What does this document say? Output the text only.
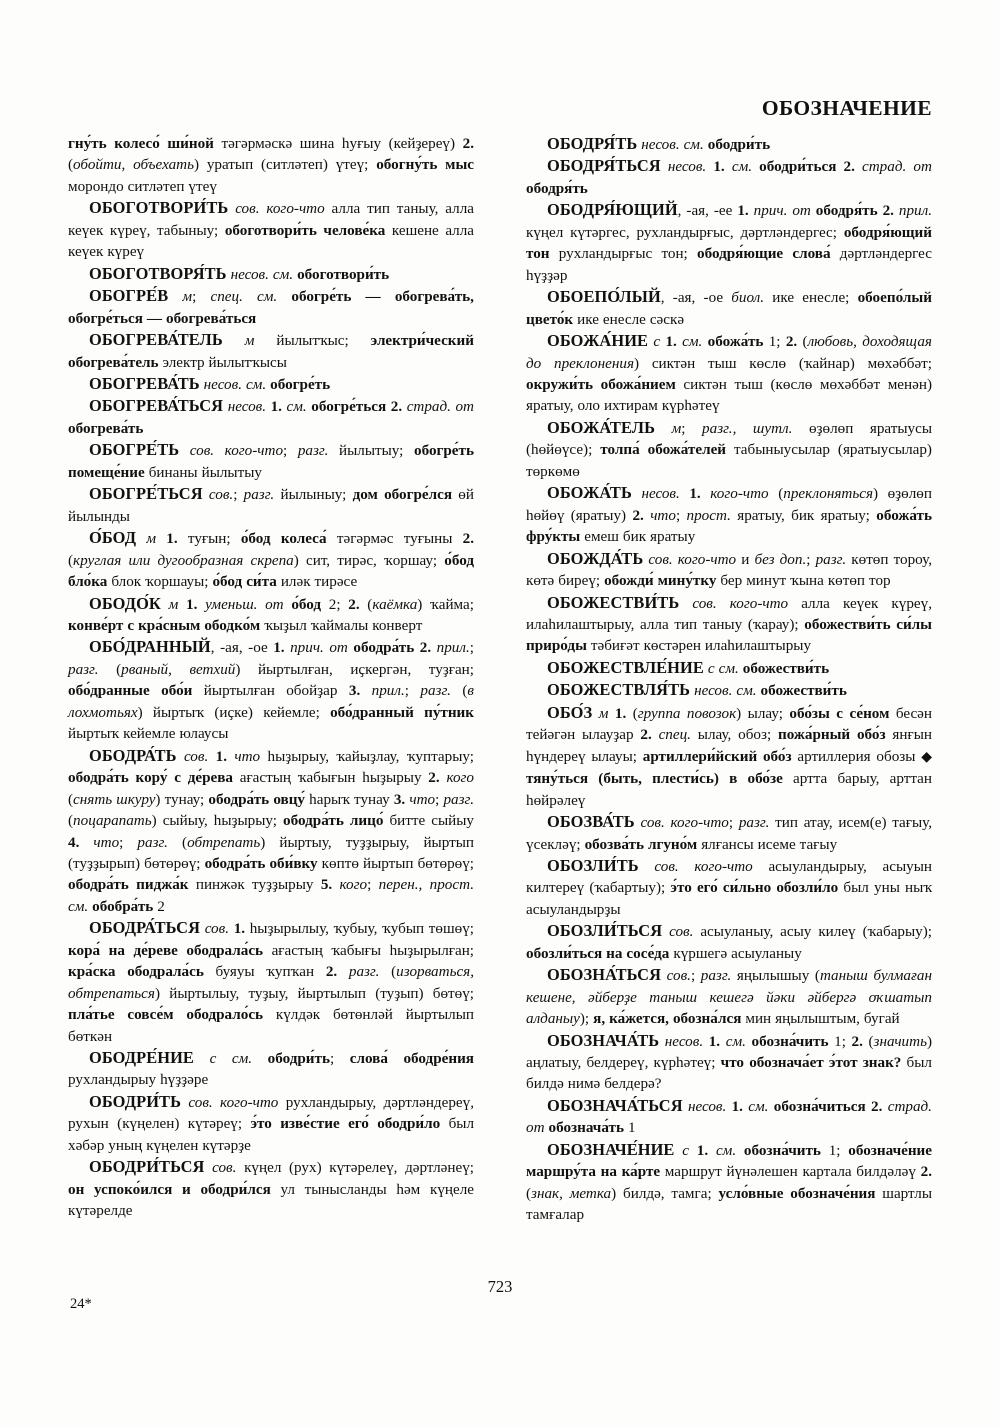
ОБОЗНАЧЕНИЕ

гну́ть колесо́ ши́ной тәгәрмәскә шина һуғыу (кейҙереү) 2. (обойти, объехать) уратып (ситләтеп) үтеү; обогну́ть мыс морондо ситләтеп үтеү

ОБОГОТВОРИ́ТЬ сов. кого-что алла тип таныу, алла кеүек күреү, табыныу; обоготвори́ть челове́ка кешене алла кеүек күреү

ОБОГОТВОРЯ́ТЬ несов. см. обоготвори́ть

ОБОГРЕ́В м; спец. см. обогре́ть — обогрева́ть, обогре́ться — обогрева́ться

ОБОГРЕВА́ТЕЛЬ м йылытҡыс; электри́ческий обогрева́тель электр йылытҡысы

ОБОГРЕВА́ТЬ несов. см. обогре́ть

ОБОГРЕВА́ТЬСЯ несов. 1. см. обогре́ться 2. страд. от обогрева́ть

ОБОГРЕ́ТЬ сов. кого-что; разг. йылытыу; обогре́ть помеще́ние бинаны йылытыу

ОБОГРЕ́ТЬСЯ сов.; разг. йылыныу; дом обогре́лся өй йылынды

О́БОД м 1. туғын; о́бод колеса́ тәгәрмәс туғыны 2. (круглая или дугообразная скрепа) сит, тирәс, ҡоршау; о́бод бло́ка блок ҡоршауы; о́бод си́та иләк тирәсе

ОБОДО́К м 1. уменьш. от о́бод 2; 2. (каёмка) ҡайма; конве́рт с кра́сным ободко́м ҡыҙыл ҡаймалы конверт

ОБО́ДРАННЫЙ, -ая, -ое 1. прич. от ободра́ть 2. прил.; разг. (рваный, ветхий) йыртылған, иҫкергән, туҙған; обо́дранные обо́и йыртылған обойҙар 3. прил.; разг. (в лохмотьях) йыртыҡ (иҫке) кейемле; обо́дранный пу́тник йыртыҡ кейемле юлаусы

ОБОДРА́ТЬ сов. 1. что һыҙырыу, ҡайыҙлау, ҡуптарыу; ободра́ть кору́ с де́рева ағастың ҡабығын һыҙырыу 2. кого (снять шкуру) тунау; ободра́ть овцу́ һарыҡ тунау 3. что; разг. (поцарапать) сыйыу, һыҙырыу; ободра́ть лицо́ битте сыйыу 4. что; разг. (обтрепать) йыртыу, туҙҙырыу, йыртып (туҙҙырып) бөтөрөү; ободра́ть оби́вку көптө йыртып бөтөрөү; ободра́ть пиджа́к пинжәк туҙҙырыу 5. кого; перен., прост. см. обобра́ть 2

ОБОДРА́ТЬСЯ сов. 1. һыҙырылыу, ҡубыу, ҡубып төшөү; кора́ на де́реве ободрала́сь ағастың ҡабығы һыҙырылған; кра́ска ободрала́сь буяуы ҡупҡан 2. разг. (изорваться, обтрепаться) йыртылыу, туҙыу, йыртылып (туҙып) бөтөү; пла́тье совсе́м ободрало́сь күлдәк бөтөнләй йыртылып бөткән

ОБОДРЕ́НИЕ с см. ободри́ть; слова́ ободре́ния рухландырыу һүҙҙәре

ОБОДРИ́ТЬ сов. кого-что рухландырыу, дәртләндереү, рухын (күңелен) күтәреү; э́то изве́стие его́ ободри́ло был хәбәр уның күңелен күтәрҙе

ОБОДРИ́ТЬСЯ сов. күңел (рух) күтәрелеү, дәртләнеү; он успоко́ился и ободри́лся ул тынысланды һәм күңеле күтәрелде

ОБОДРЯ́ТЬ несов. см. ободри́ть

ОБОДРЯ́ТЬСЯ несов. 1. см. ободри́ться 2. страд. от ободря́ть

ОБОДРЯ́ЮЩИЙ, -ая, -ее 1. прич. от ободря́ть 2. прил. күңел күтәргес, рухландырғыс, дәртләндергес; ободря́ющий тон рухландырғыс тон; ободря́ющие слова́ дәртләндергес һүҙҙәр

ОБОЕПО́ЛЫЙ, -ая, -ое биол. ике енесле; обоепо́лый цвето́к ике енесле сәскә

ОБОЖА́НИЕ с 1. см. обожа́ть 1; 2. (любовь, доходящая до преклонения) сиктән тыш көслө (ҡайнар) мөхәббәт; окружи́ть обожа́нием сиктән тыш (көслө мөхәббәт менән) яратыу, оло ихтирам күрһәтеү

ОБОЖА́ТЕЛЬ м; разг., шутл. өҙөлөп яратыусы (һөйөүсе); толпа́ обожа́телей табыныусылар (яратыусылар) төркөмө

ОБОЖА́ТЬ несов. 1. кого-что (преклоняться) өҙөлөп һөйөү (яратыу) 2. что; прост. яратыу, бик яратыу; обожа́ть фру́кты емеш бик яратыу

ОБОЖДА́ТЬ сов. кого-что и без доп.; разг. көтөп тороу, көтә биреү; обожди́ мину́тку бер минут ҡына көтөп тор

ОБОЖЕСТВИ́ТЬ сов. кого-что алла кеүек күреү, илаһилаштырыу, алла тип таныу (ҡарау); обожестви́ть си́лы приро́ды тәбиғәт көстәрен илаһилаштырыу

ОБОЖЕСТВЛЕ́НИЕ с см. обожестви́ть

ОБОЖЕСТВЛЯ́ТЬ несов. см. обожестви́ть

ОБО́З м 1. (группа повозок) ылау; обо́зы с се́ном бесән тейәгән ылауҙар 2. спец. ылау, обоз; пожа́рный обо́з янғын һүндереү ылауы; артиллери́йский обо́з артиллерия обозы ◆ тяну́ться (быть, плести́сь) в обо́зе артта барыу, арттан һөйрәлеү

ОБОЗВА́ТЬ сов. кого-что; разг. тип атау, исем(е) тағыу, үсекләү; обозва́ть лгуно́м ялғансы исеме тағыу

ОБОЗЛИ́ТЬ сов. кого-что асыуландырыу, асыуын килтереү (ҡабартыу); э́то его́ си́льно обозли́ло был уны ныҡ асыуландырҙы

ОБОЗЛИ́ТЬСЯ сов. асыуланыу, асыу килеү (ҡабарыу); обозли́ться на сосе́да күршегә асыуланыу

ОБОЗНА́ТЬСЯ сов.; разг. яңылышыу (таныш булмаған кешене, әйберҙе таныш кешегә йәки әйбергә оҡшатып алданыу); я, ка́жется, обозна́лся мин яңылыштым, бугай

ОБОЗНАЧА́ТЬ несов. 1. см. обозна́чить 1; 2. (значить) аңлатыу, белдереү, күрһәтеү; что обознача́ет э́тот знак? был билдә нимә белдерә?

ОБОЗНАЧА́ТЬСЯ несов. 1. см. обозна́читься 2. страд. от обознача́ть 1

ОБОЗНАЧЕ́НИЕ с 1. см. обозна́чить 1; обозначе́ние маршру́та на ка́рте маршрут йүнәлешен картала билдәләү 2. (знак, метка) билдә, тамга; усло́вные обозначе́ния шартлы тамғалар

723
24*
